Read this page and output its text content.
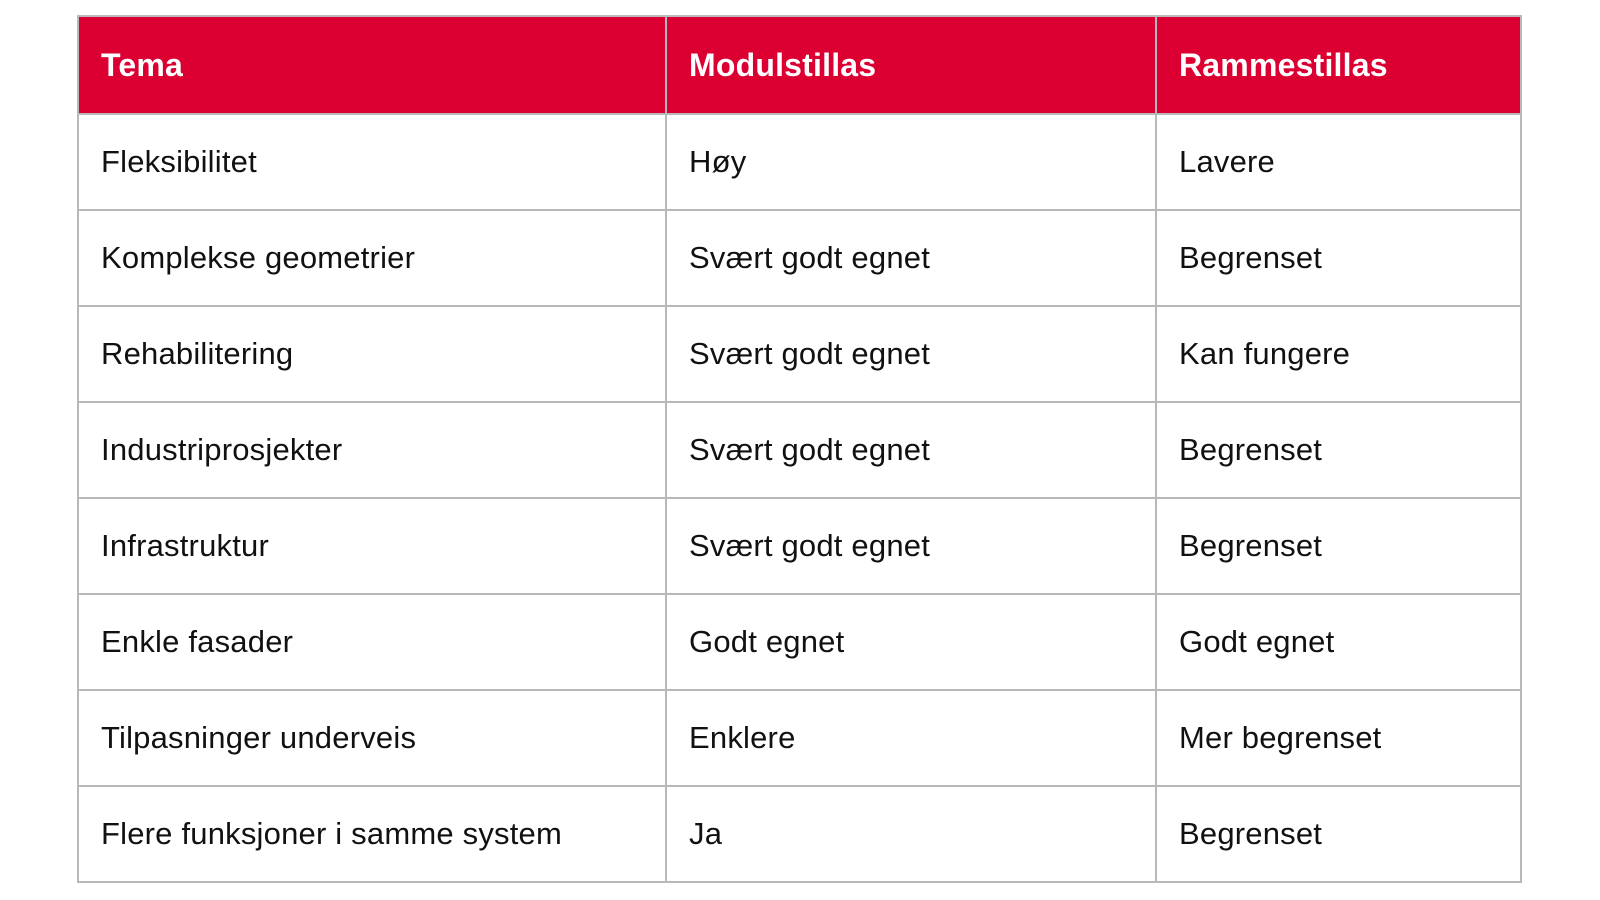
Tema	Modulstillas	Rammestillas
Fleksibilitet	Høy	Lavere
Komplekse geometrier	Svært godt egnet	Begrenset
Rehabilitering	Svært godt egnet	Kan fungere
Industriprosjekter	Svært godt egnet	Begrenset
Infrastruktur	Svært godt egnet	Begrenset
Enkle fasader	Godt egnet	Godt egnet
Tilpasninger underveis	Enklere	Mer begrenset
Flere funksjoner i samme system	Ja	Begrenset
